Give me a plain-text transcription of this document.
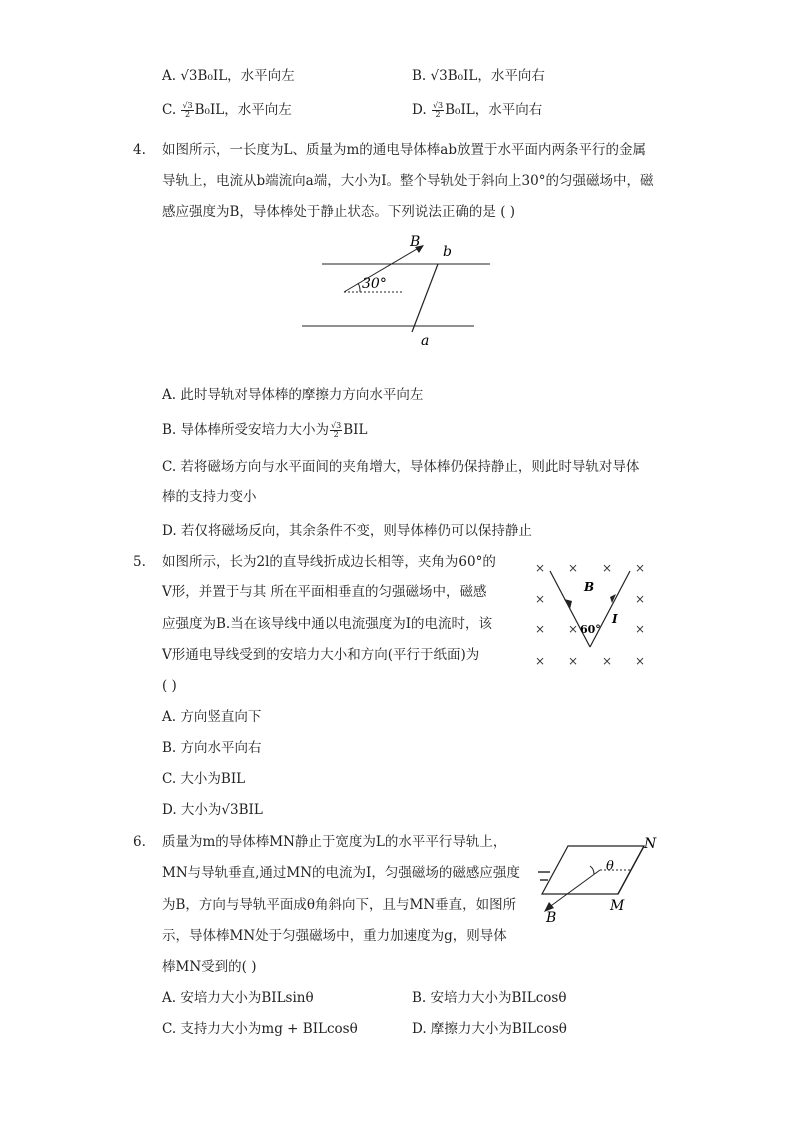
A. √3B₀IL，水平向左	B. √3B₀IL，水平向右
C. $\frac{√3}{2} B_0IL$，水平向左	D. $\frac{√3}{2} B_0IL$，水平向右
4. 如图所示，一长度为L、质量为m的通电导体棒ab放置于水平面内两条平行的金属
导轨上，电流从b端流向a端，大小为I。整个导轨处于斜向上30°的匀强磁场中，磁
感应强度为B，导体棒处于静止状态。下列说法正确的是 ( )
30°
B
b
a
A. 此时导轨对导体棒的摩擦力方向水平向左
B. 导体棒所受安培力大小为 $\frac{√3}{2}$ BIL
C. 若将磁场方向与水平面间的夹角增大，导体棒仍保持静止，则此时导轨对导体
棒的支持力变小
D. 若仅将磁场反向，其余条件不变，则导体棒仍可以保持静止
5. 如图所示，长为2l的直导线折成边长相等，夹角为60°的
V形，并置于与其 所在平面相垂直的匀强磁场中，磁感
应强度为B.当在该导线中通以电流强度为I的电流时，该
V形通电导线受到的安培力大小和方向(平行于纸面)为
( )
× × × ×
×	×
× ×	×
× × × ×
B
I
60°
A. 方向竖直向下
B. 方向水平向右
C. 大小为BIL
D. 大小为√3BIL
6. 质量为m的导体棒MN静止于宽度为L的水平平行导轨上，
MN与导轨垂直,通过MN的电流为I，匀强磁场的磁感应强度
为B，方向与导轨平面成θ角斜向下，且与MN垂直，如图所
示，导体棒MN处于匀强磁场中，重力加速度为g，则导体
棒MN受到的( )
θ
N
M
B
A. 安培力大小为BILsinθ	B. 安培力大小为BILcosθ
C. 支持力大小为mg + BILcosθ	D. 摩擦力大小为BILcosθ
